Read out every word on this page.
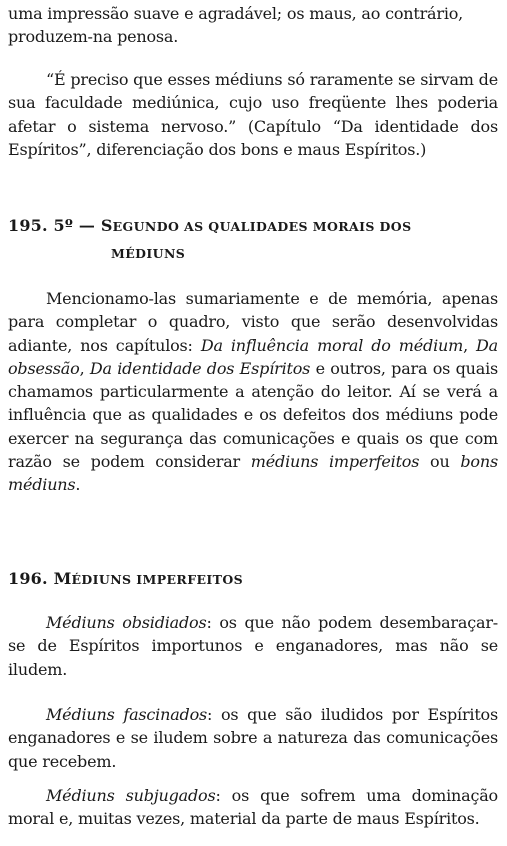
uma impressão suave e agradável; os maus, ao contrário,
produzem-na penosa.

“É preciso que esses médiuns só raramente se sirvam de sua faculdade mediúnica, cujo uso freqüente lhes poderia afetar o sistema nervoso.” (Capítulo “Da identidade dos Espíritos”, diferenciação dos bons e maus Espíritos.)

195. 5º — SEGUNDO AS QUALIDADES MORAIS DOS
MÉDIUNS

Mencionamo-las sumariamente e de memória, apenas para completar o quadro, visto que serão desenvolvidas adiante, nos capítulos: Da influência moral do médium, Da obsessão, Da identidade dos Espíritos e outros, para os quais chamamos particularmente a atenção do leitor. Aí se verá a influência que as qualidades e os defeitos dos médiuns pode exercer na segurança das comunicações e quais os que com razão se podem considerar médiuns imperfeitos ou bons médiuns.

196. MÉDIUNS IMPERFEITOS

Médiuns obsidiados: os que não podem desembaraçar-se de Espíritos importunos e enganadores, mas não se iludem.

Médiuns fascinados: os que são iludidos por Espíritos enganadores e se iludem sobre a natureza das comunicações que recebem.

Médiuns subjugados: os que sofrem uma dominação moral e, muitas vezes, material da parte de maus Espíritos.
